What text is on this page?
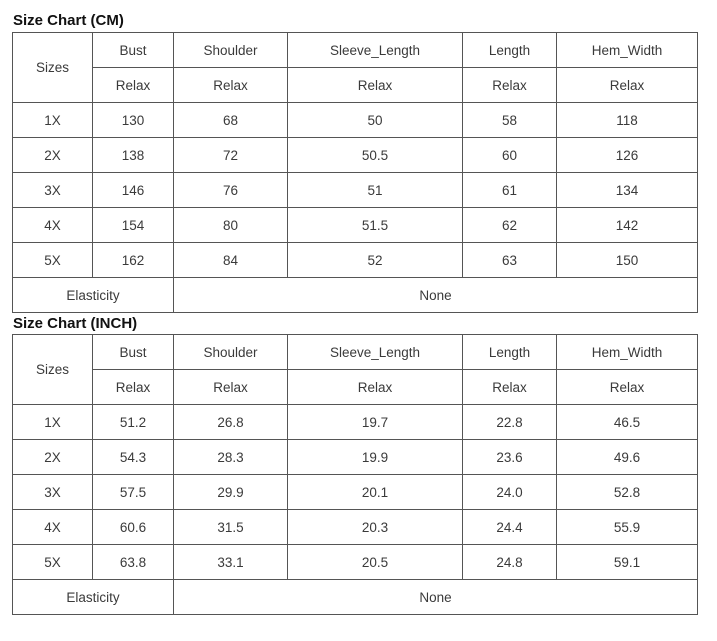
Size Chart (CM)
Sizes	Bust	Shoulder	Sleeve_Length	Length	Hem_Width
	Relax	Relax	Relax	Relax	Relax
1X	130	68	50	58	118
2X	138	72	50.5	60	126
3X	146	76	51	61	134
4X	154	80	51.5	62	142
5X	162	84	52	63	150
Elasticity		None			
Size Chart (INCH)
Sizes	Bust	Shoulder	Sleeve_Length	Length	Hem_Width
	Relax	Relax	Relax	Relax	Relax
1X	51.2	26.8	19.7	22.8	46.5
2X	54.3	28.3	19.9	23.6	49.6
3X	57.5	29.9	20.1	24.0	52.8
4X	60.6	31.5	20.3	24.4	55.9
5X	63.8	33.1	20.5	24.8	59.1
Elasticity		None			
